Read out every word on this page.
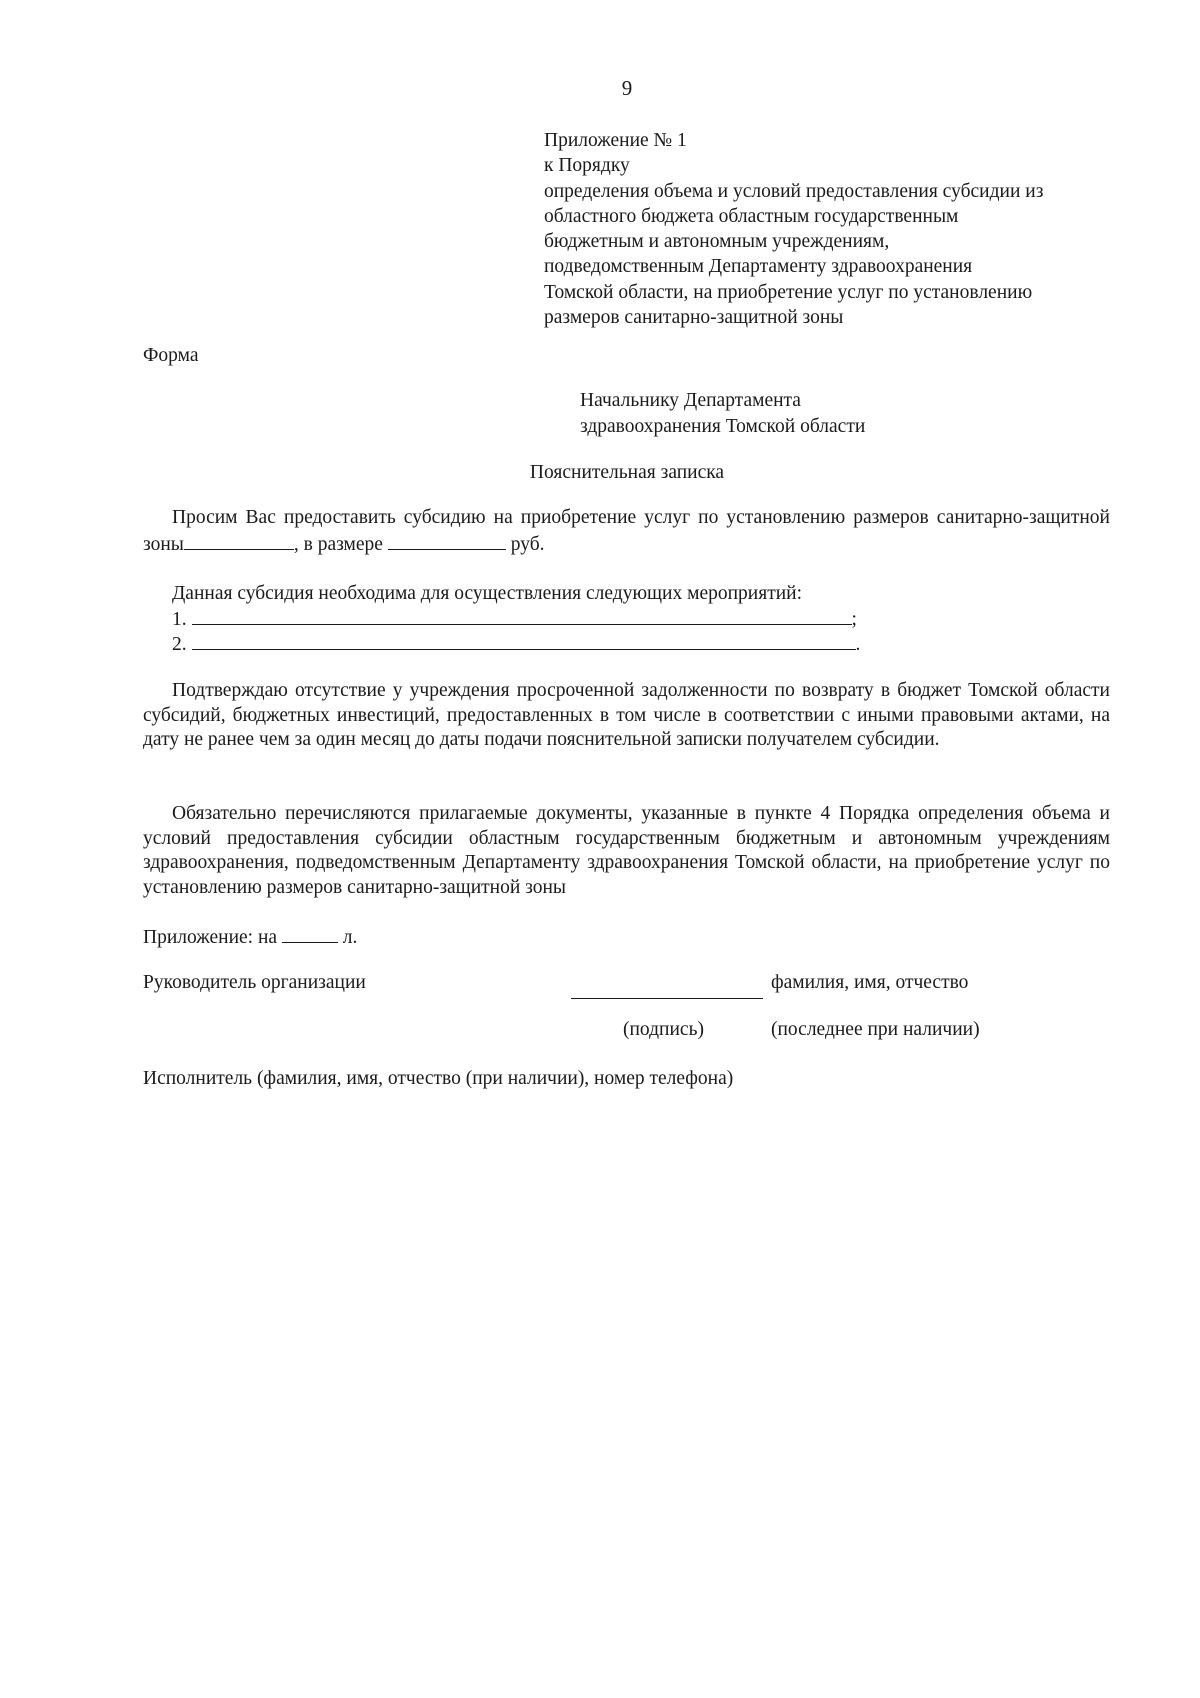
9
Приложение № 1
к Порядку
определения объема и условий предоставления субсидии из
областного бюджета областным государственным
бюджетным и автономным учреждениям,
подведомственным Департаменту здравоохранения
Томской области, на приобретение услуг по установлению
размеров санитарно-защитной зоны
Форма
Начальнику Департамента
здравоохранения Томской области
Пояснительная записка
Просим Вас предоставить субсидию на приобретение услуг по установлению размеров санитарно-защитной зоны	, в размере	руб.
Данная субсидия необходима для осуществления следующих мероприятий:
1.	;
2.	.
Подтверждаю отсутствие у учреждения просроченной задолженности по возврату в бюджет Томской области субсидий, бюджетных инвестиций, предоставленных в том числе в соответствии с иными правовыми актами, на дату не ранее чем за один месяц до даты подачи пояснительной записки получателем субсидии.
Обязательно перечисляются прилагаемые документы, указанные в пункте 4 Порядка определения объема и условий предоставления субсидии областным государственным бюджетным и автономным учреждениям здравоохранения, подведомственным Департаменту здравоохранения Томской области, на приобретение услуг по установлению размеров санитарно-защитной зоны
Приложение: на	л.
Руководитель организации	фамилия, имя, отчество
(подпись)	(последнее при наличии)
Исполнитель (фамилия, имя, отчество (при наличии), номер телефона)
